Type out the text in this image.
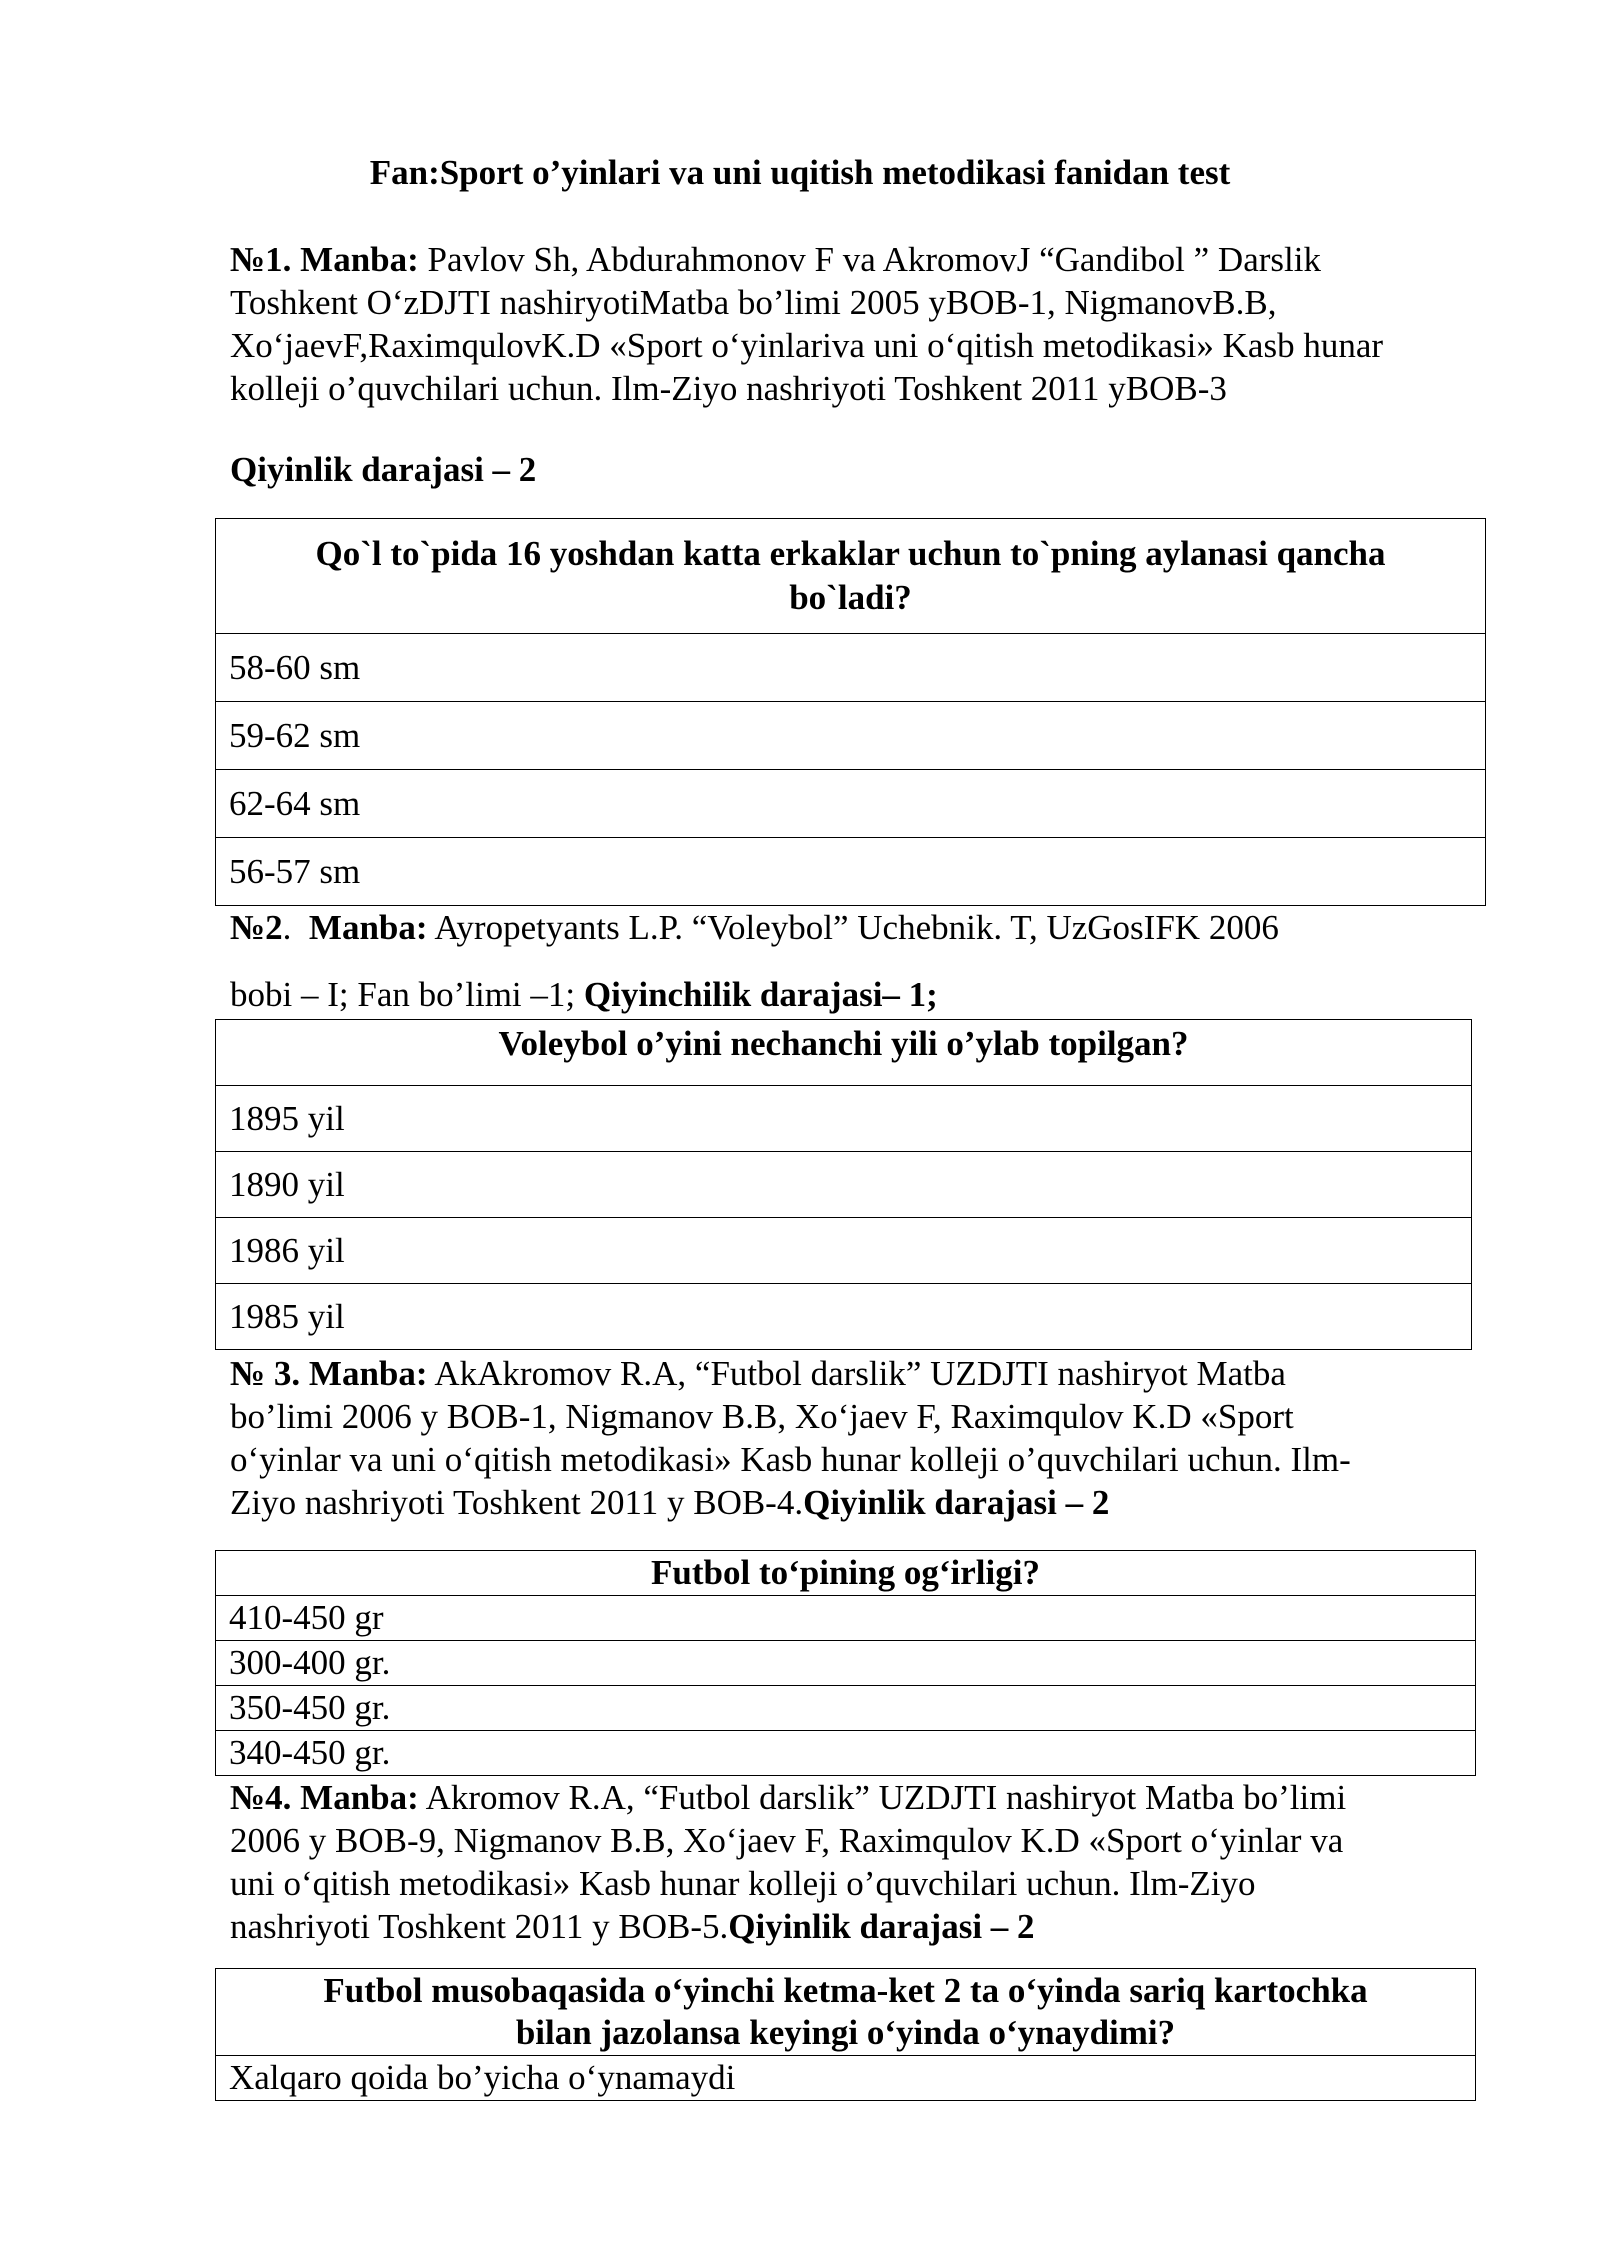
Fan:Sport o’yinlari va uni uqitish metodikasi fanidan test
№1. Manba: Pavlov Sh, Abdurahmonov F va AkromovJ “Gandibol ” Darslik
Toshkent O‘zDJTI nashiryotiMatba bo’limi 2005 yBOB-1, NigmanovB.B,
Xo‘jaevF,RaximqulovK.D «Sport o‘yinlariva uni o‘qitish metodikasi» Kasb hunar
kolleji o’quvchilari uchun. Ilm-Ziyo nashriyoti Toshkent 2011 yBOB-3
Qiyinlik darajasi – 2
Qo`l to`pida 16 yoshdan katta erkaklar uchun to`pning aylanasi qancha
bo`ladi?

58-60 sm
59-62 sm
62-64 sm
56-57 sm
№2. Manba: Ayropetyants L.P. “Voleybol” Uchebnik. T, UzGosIFK 2006
bobi – I; Fan bo’limi –1; Qiyinchilik darajasi– 1;
Voleybol o’yini nechanchi yili o’ylab topilgan?
1895 yil
1890 yil
1986 yil
1985 yil
№ 3. Manba: AkAkromov R.A, “Futbol darslik” UZDJTI nashiryot Matba
bo’limi 2006 y BOB-1, Nigmanov B.B, Xo‘jaev F, Raximqulov K.D «Sport
o‘yinlar va uni o‘qitish metodikasi» Kasb hunar kolleji o’quvchilari uchun. Ilm-
Ziyo nashriyoti Toshkent 2011 y BOB-4.Qiyinlik darajasi – 2
Futbol to‘pining og‘irligi?
410-450 gr
300-400 gr.
350-450 gr.
340-450 gr.
№4. Manba: Akromov R.A, “Futbol darslik” UZDJTI nashiryot Matba bo’limi
2006 y BOB-9, Nigmanov B.B, Xo‘jaev F, Raximqulov K.D «Sport o‘yinlar va
uni o‘qitish metodikasi» Kasb hunar kolleji o’quvchilari uchun. Ilm-Ziyo
nashriyoti Toshkent 2011 y BOB-5.Qiyinlik darajasi – 2
Futbol musobaqasida o‘yinchi ketma-ket 2 ta o‘yinda sariq kartochka
bilan jazolansa keyingi o‘yinda o‘ynaydimi?

Xalqaro qoida bo’yicha o‘ynamaydi
